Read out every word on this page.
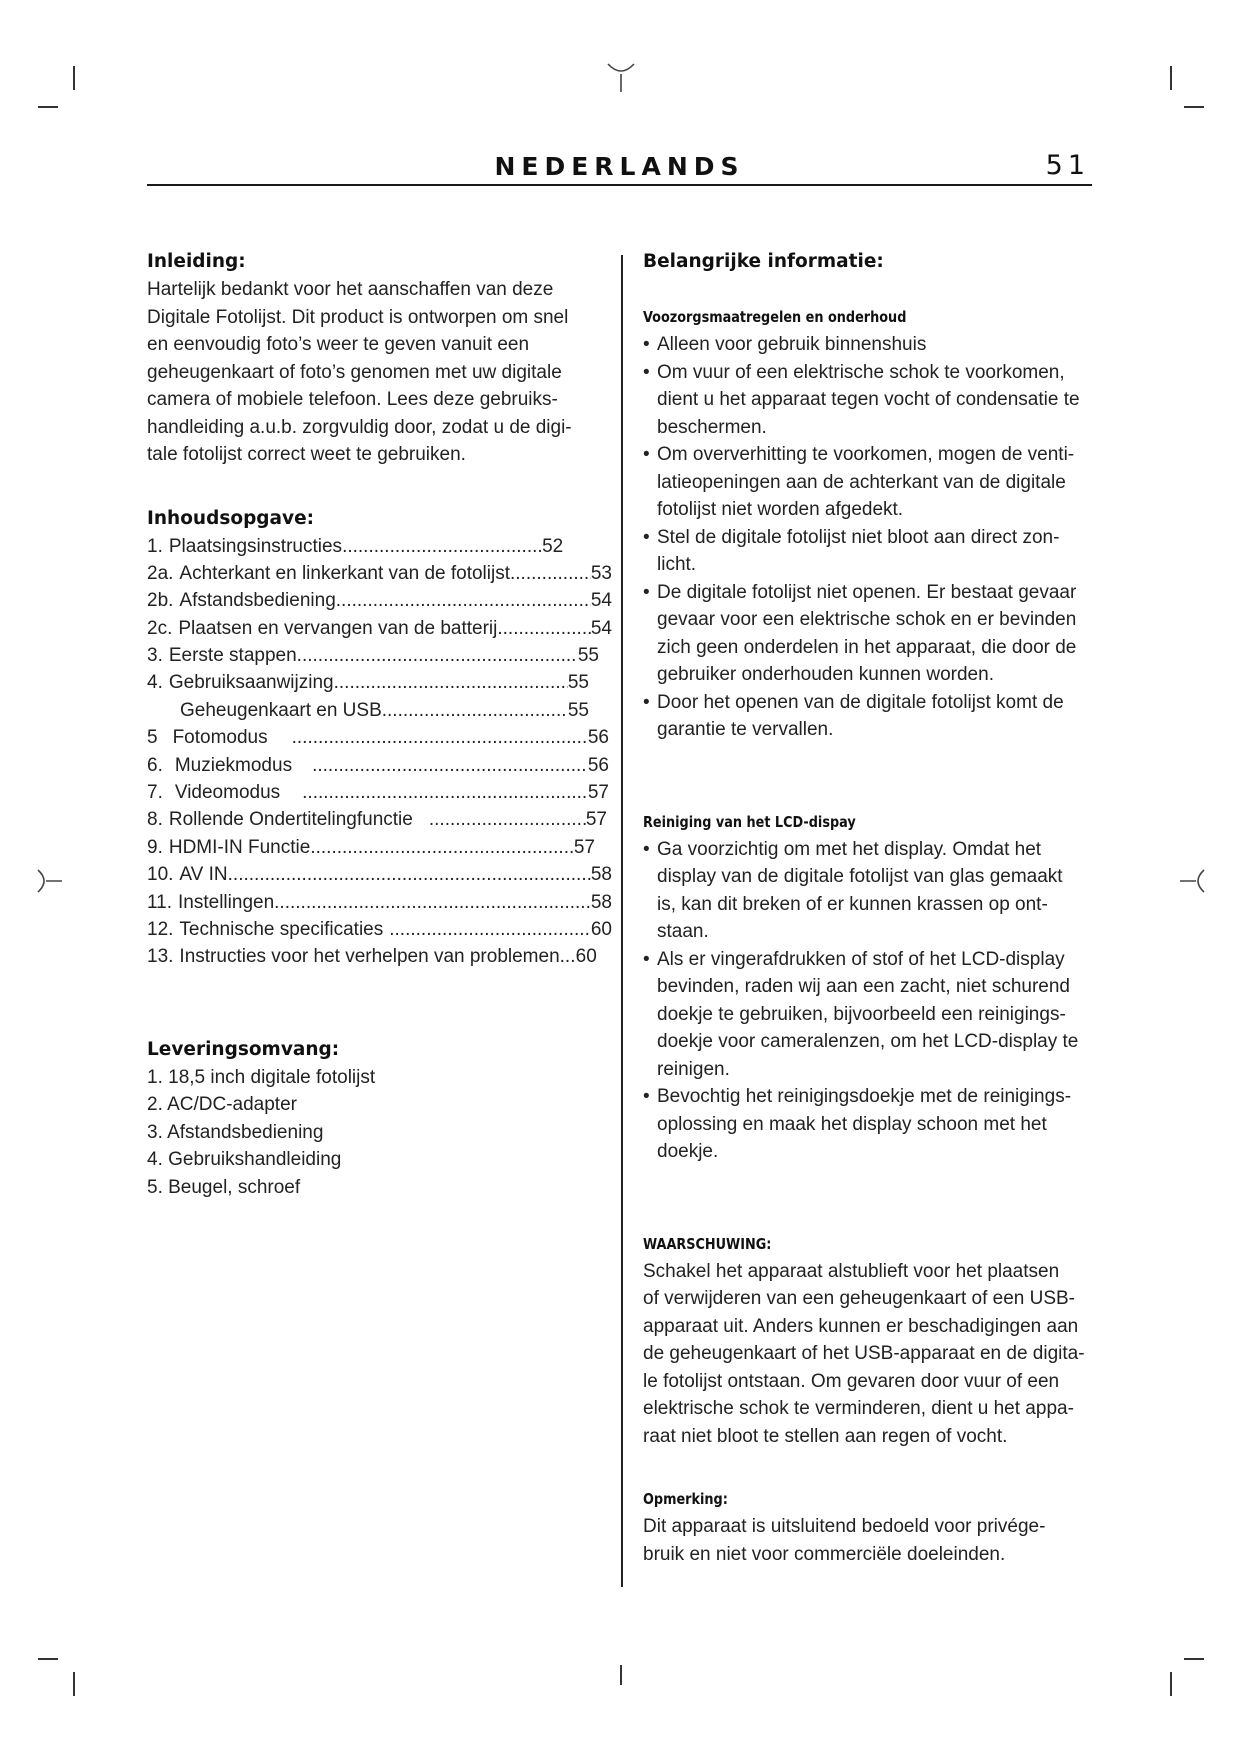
NEDERLANDS	51
Inleiding:

Hartelijk bedankt voor het aanschaffen van deze
Digitale Fotolijst. Dit product is ontworpen om snel
en eenvoudig foto’s weer te geven vanuit een
geheugenkaart of foto’s genomen met uw digitale
camera of mobiele telefoon. Lees deze gebruiks-
handleiding a.u.b. zorgvuldig door, zodat u de digi-
tale fotolijst correct weet te gebruiken.

Inhoudsopgave:
1. Plaatsingsinstructies .....	52
2a. Achterkant en linkerkant van de fotolijst .....	53
2b. Afstandsbediening .....	54
2c. Plaatsen en vervangen van de batterij .....	54
3. Eerste stappen .....	55
4. Gebruiksaanwijzing .....	55
Geheugenkaart en USB .....	55
5 Fotomodus .....	56
6. Muziekmodus .....	56
7. Videomodus .....	57
8. Rollende Ondertitelingfunctie .....	57
9. HDMI-IN Functie .....	57
10. AV IN .....	58
11. Instellingen .....	58
12. Technische specificaties .....	60
13. Instructies voor het verhelpen van problemen ..... 60
Leveringsomvang:
1. 18,5 inch digitale fotolijst
2. AC/DC-adapter
3. Afstandsbediening
4. Gebruikshandleiding
5. Beugel, schroef
Belangrijke informatie:
Voozorgsmaatregelen en onderhoud
• Alleen voor gebruik binnenshuis
• Om vuur of een elektrische schok te voorkomen,
dient u het apparaat tegen vocht of condensatie te
beschermen.
• Om oververhitting te voorkomen, mogen de venti-
latieopeningen aan de achterkant van de digitale
fotolijst niet worden afgedekt.
• Stel de digitale fotolijst niet bloot aan direct zon-
licht.
• De digitale fotolijst niet openen. Er bestaat gevaar
gevaar voor een elektrische schok en er bevinden
zich geen onderdelen in het apparaat, die door de
gebruiker onderhouden kunnen worden.
• Door het openen van de digitale fotolijst komt de
garantie te vervallen.
Reiniging van het LCD-dispay
• Ga voorzichtig om met het display. Omdat het
display van de digitale fotolijst van glas gemaakt
is, kan dit breken of er kunnen krassen op ont-
staan.
• Als er vingerafdrukken of stof of het LCD-display
bevinden, raden wij aan een zacht, niet schurend
doekje te gebruiken, bijvoorbeeld een reinigings-
doekje voor cameralenzen, om het LCD-display te
reinigen.
• Bevochtig het reinigingsdoekje met de reinigings-
oplossing en maak het display schoon met het
doekje.
WAARSCHUWING:

Schakel het apparaat alstublieft voor het plaatsen
of verwijderen van een geheugenkaart of een USB-
apparaat uit. Anders kunnen er beschadigingen aan
de geheugenkaart of het USB-apparaat en de digita-
le fotolijst ontstaan. Om gevaren door vuur of een
elektrische schok te verminderen, dient u het appa-
raat niet bloot te stellen aan regen of vocht.

Opmerking:

Dit apparaat is uitsluitend bedoeld voor privége-
bruik en niet voor commerciële doeleinden.
